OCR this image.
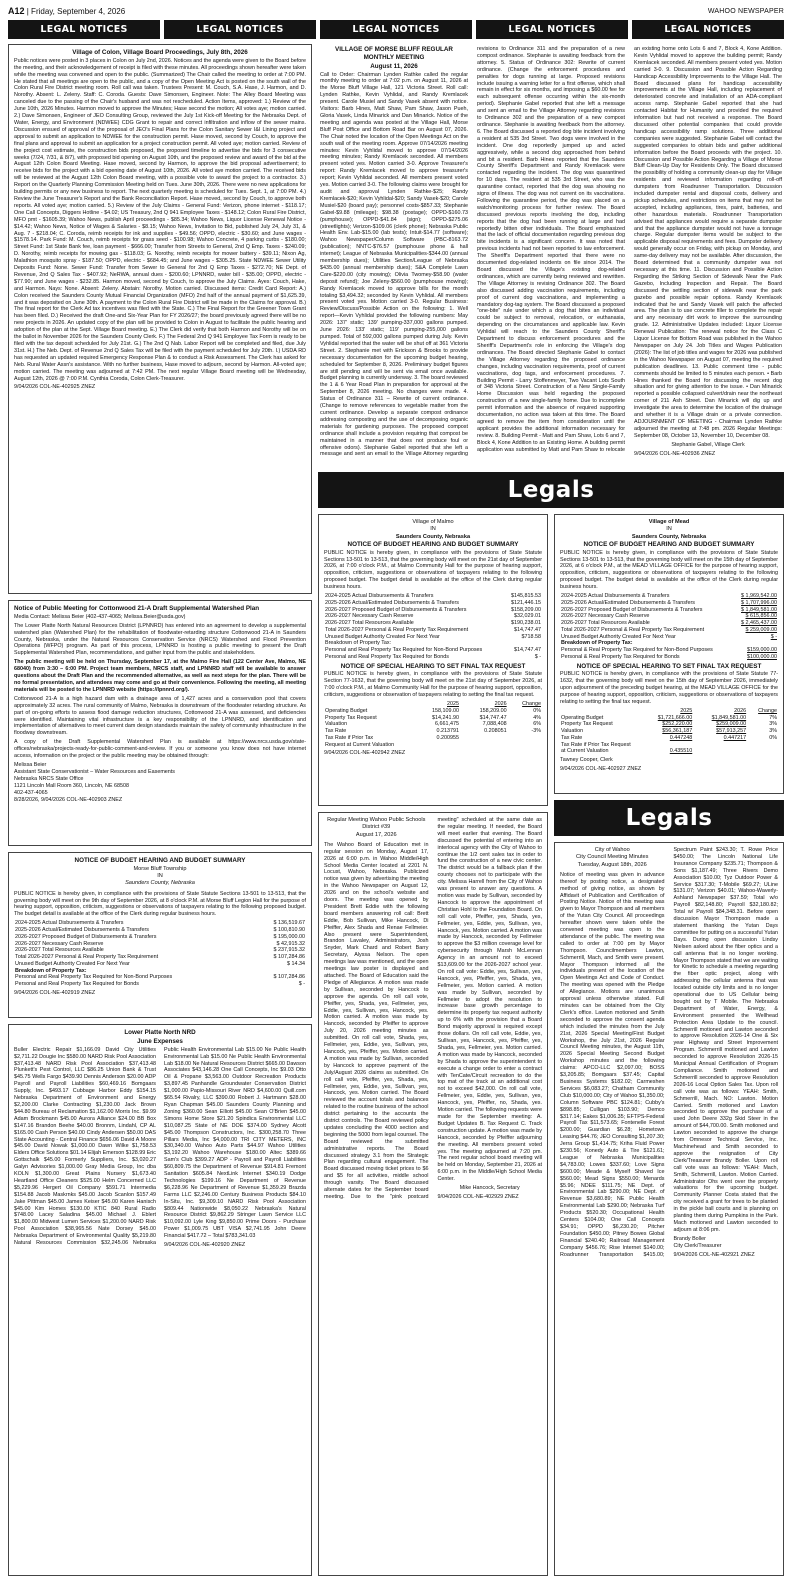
A12 | Friday, September 4, 2026	WAHOO NEWSPAPER
LEGAL NOTICES	LEGAL NOTICES	LEGAL NOTICES	LEGAL NOTICES	LEGAL NOTICES
Village of Colon, Village Board Proceedings, July 8th, 2026

Public notices were posted in 3 places in Colon on July 2nd, 2026. Notices and the agenda were given to the Board before the meeting, and their acknowledgement of receipt is filed with these minutes. All proceedings shown hereafter were taken while the meeting was convened and open to the public. (Summarized) The Chair called the meeting to order at 7:00 PM. He stated that all meetings are open to the public, and a copy of the Open Meeting Act is posted on the south wall of the Colon Rural Fire District meeting room. Roll call was taken. Trustees Present: M. Couch, S.A. Hase, J. Harmon, and D. Norothy. Absent: L. Zeleny. Staff: C. Coroda. Guests: Dave Simonsen, Engineer. Note: The Alley Board Meeting was canceled due to the passing of the Chair's husband and was not rescheduled. Action Items, approved: 1.) Review of the June 10th, 2026 Minutes. Harmon moved to approve the Minutes; Hase second the motion; All votes aye; motion carried. 2.) Dave Simonsen, Engineer of JEO Consulting Group, reviewed the July 1st Kick-off Meeting for the Nebraska Dept. of Water, Energy, and Environment (NDWEE) CDG Grant to repair and correct infiltration and inflow of the sewer mains. Discussion ensued of approval of the proposal of JEO's Final Plans for the Colon Sanitary Sewer I&I Lining project and approval to submit an application to NDWEE for the construction permit. Hase moved, second by Couch, to approve the final plans and approval to submit an application for a project construction permit. All voted aye; motion carried. Review of the project cost estimate, the construction bids proposed, the proposed timeline to advertise the bids for 3 consecutive weeks (7/24, 7/31, & 8/7), with proposed bid opening on August 10th, and the proposed review and award of the bid at the August 12th Colon Board Meeting. Hase moved, second by Harmon, to approve the bid proposal advertisement; to receive bids for the project with a bid opening date of August 10th, 2026. All voted aye motion carried. The received bids will be reviewed at the August 12th Colon Board meeting, with a possible vote to award the project to a contractor. 3.) Report on the Quarterly Planning Commission Meeting held on Tues. June 30th, 2026. There were no new applications for building permits or any new business to report. The next quarterly meeting is scheduled for Tues. Sept. 1, at 7:00 PM. 4.) Review the June Treasurer's Report and the Bank Reconciliation Report. Hase moved, second by Couch, to approve both reports. All voted aye; motion carried. 5.) Review of the July Claims - General Fund: Verizon, phone internet - $118.17; One Call Concepts, Diggers Hotline - $4.02; US Treasury, 2nd Q 941 Employee Taxes - $148.12; Colon Rural Fire District, MFO pmt - $1605.39; Wahoo News, publish April proceedings - $85.34; Wahoo News, Liquor License Renewal Notice - $14.42; Wahoo News, Notice of Wages & Salaries - $8.15; Wahoo News, Invitation to Bid, published July 24, July 31, & Aug. 7 - $218.04; C. Coroda, reimb receipts for ink and supplies - $49.56; OPPD, electric - $30.60; and June wages - $1578.14. Park Fund: M. Couch, reimb receipts for grass seed - $100.98; Wahoo Concrete, 4 parking curbs - $180.00; Street Fund: 1st State Bank fee, loan payment - $666.00; Transfer from Streets to General, 2nd Q Emp. Taxes - $240.09; D. Norothy, reimb receipts for mowing gas - $118.03; G. Norothy, reimb receipts for mower battery - $39.11; Nixon Ag, Malathion mosquito spray - $187.50; OPPD, electric - $684.45; and June wages - $305.25. State NDWEE Sewer Utility Deposits Fund: None. Sewer Fund: Transfer from Sewer to General for 2nd Q Emp Taxes - $272.70; NE Dept. of Revenue, 2nd Q Sales Tax - $407.92; NeRWA, annual dues - $200.60; LPNNRD, water bill - $35.00; OPPD, electric - $77.90; and June wages - $232.85. Harmon moved, second by Couch, to approve the July Claims. Ayes: Couch, Hake, and Harmon. Nays: None. Absent: Zeleny. Abstain: Norothy. Motion carried. Discussed items: Credit Card Report: A.) Colon received the Saunders County Mutual Financial Organization (MFO) 2nd half of the annual payment of $1,625.39, and it was deposited on June 30th. A payment to the Colon Rural Fire District will be made in the Claims for approval. B.) The final report for the Clerk Ad tax incentives was filed with the State. C.) The Final Report for the Greener Town Grant has been filed. D.) Received the draft One-and Six-Year Plan for FY 2026/27; the board previously agreed there will be no new projects in 2026. An updated copy of the plan will be provided to Colon in August to facilitate the public hearing and adoption of the plan at the Sept. Village Board meeting. E.) The Clerk did verify that both Harmon and Norothy will be on the ballot in November 2026 for the Saunders County Clerk. F.) The Federal 2nd Q 941 Employee Tax Form is ready to be filed with the tax deposit scheduled for July 21st. G.) The 2nd Q Nab. Labor Report will be completed and filed, due July 31st. H.) The Neb. Dept. of Revenue 2nd Q Sales Tax will be filed with the payment scheduled for July 20th. I.) USDA RD has requested an updated required Emergency Response Plan & to conduct a Risk Assessment. The Clerk has asked for Neb. Rural Water Assn's assistance. With no further business, Hase moved to adjourn, second by Harmon. All-voted aye; motion carried. The meeting was adjourned at 7:42 PM. The next regular Village Board meeting will be Wednesday, August 12th, 2026 @ 7:00 P.M. Cynthia Coroda, Colon Clerk-Treasurer.

9/04/2026 COL-NE-402925 ZNEZ

VILLAGE OF MORSE BLUFF REGULAR MONTHLY MEETING
August 11, 2026

Call to Order: Chairman Lynden Rathke called the regular monthly meeting to order at 7:02 p.m. on August 11, 2026 at the Morse Bluff Village Hall, 121 Victoria Street. Roll call: Lynden Rathke, Kevin Vyhlidal, and Randy Kremlacek present. Carole Musiel and Sandy Vasek absent with notice. Visitors: Barb Hines, Matt Shaw, Pam Shaw, Jason Pueh, Gloria Vasek, Linda Minarick and Dan Minarick. Notice of the meeting and agenda was posted at the Village Hall, Morse Bluff Post Office and Bottom Road Bar on August 07, 2026. The Chair noted the location of the Open Meetings Act on the south wall of the meeting room. Approve 07/14/2026 meeting minutes: Kevin Vyhlidal moved to approve 07/14/2026 meeting minutes; Randy Kremlacek seconded. All members present voted yes. Motion carried 3-0. Approve Treasurer's report: Randy Kremlacek moved to approve treasurer's report; Kevin Vyhlidal seconded. All members present voted yes. Motion carried 3-0. The following claims were brought for audit and approval Lynden Rathke-$25; Randy Kremlacek-$20; Kevin Vyhlidal-$20; Sandy Vasek-$20; Carole Musiel-$20 (board pay); personnel costs-$857.33; Stephanie Gabel-$9.88 (mileage); $98.38 (postage); OPPD-$160.73 (pumphouse); OPPD-$41.84 (sign); OPPD-$275.06 (streetlights); Verizon-$109.06 (clerk phone); Nebraska Public Health Env. Lab-$15.00 (lab tests); Intuit-$14.77 (software); Wahoo Newspaper/Column Software (PBC-8163.72 (publication); NNTC-$76.57 (pumphouse phone & hall internet); League of Nebraska Municipalities-$344.00 (annual membership dues); Utilities Section/League of Nebraska $435.00 (annual membership dues); S&A Complete Lawn Care-$220.00 (city mowing); Olivia Twomey-$58.90 (water deposit refund); Joe Zeleny-$560.00 (pumphouse mowing); Randy Kremlacek moved to approve bills for the month totaling $3,494.32; seconded by Kevin Vyhlidal. All members present voted yes. Motion carried 3-0. Regular Business: Review/Discuss/Possible Action on the following: 1. Well report—Kevin Vyhlidal provided the following numbers: May 2026: 137' static; 139' pumping-337,000 gallons pumped. June 2026: 133' static; 119' pumping-255,000 gallons pumped. Total of 592,000 gallons pumped during July. Kevin Vyhlidal reported that the water will be shut off at 361 Victoria Street. 2. Stephanie met with Erickson & Brooks to provide necessary documentation for the upcoming budget hearing, scheduled for September 8, 2026. Preliminary budget figures are still pending and will be sent via email once available. Budget planning is currently underway. 3. The board reviewed the 1 & 6 Year Road Plan in preparation for approval at the September 8, 2026 meeting. No changes were made. 4. Status of Ordinance 311 – Rewrite of current ordinance. (Change to remove references to vegetable matter from the current ordinance. Develop a separate compost ordinance addressing composting and the use of decomposing organic materials for gardening purposes. The proposed compost ordinance shall include a provision requiring that compost be maintained in a manner that does not produce foul or offensive odors). Stephanie Gabel reported that she left a message and sent an email to the Village Attorney regarding revisions to Ordinance 311 and the preparation of a new compost ordinance. Stephanie is awaiting feedback from the attorney. 5. Status of Ordinance 302: Rewrite of current ordinance. (Change the enforcement procedures and penalties for dogs running at large. Proposed revisions include issuing a warning letter for a first offense, which shall remain in effect for six months, and imposing a $60.00 fee for each subsequent offense occurring within the six-month period). Stephanie Gabel reported that she left a message and sent an email to the Village Attorney regarding revisions to Ordinance 302 and the preparation of a new compost ordinance. Stephanie is awaiting feedback from the attorney. 6. The Board discussed a reported dog bite incident involving a resident at 535 3rd Street. Two dogs were involved in the incident. One dog reportedly jumped up and acted aggressively, while a second dog approached from behind and bit a resident. Barb Hines reported that the Saunders County Sheriff's Department and Randy Kremlacek were contacted regarding the incident. The dog was quarantined for 10 days. The resident at 535 3rd Street, who was the quarantine contact, reported that the dog was showing no signs of illness. The dog was not current on its vaccinations. Following the quarantine period, the dog was placed on a watch/monitoring process for further review. The Board discussed previous reports involving the dog, including reports that the dog had been running at large and had reportedly bitten other individuals. The Board emphasized that the lack of official documentation regarding previous dog bite incidents is a significant concern. It was noted that previous incidents had not been reported to law enforcement. The Sheriff's Department reported that there were no documented dog-related incidents on file since 2014. The Board discussed the Village's existing dog-related ordinances, which are currently being reviewed and rewritten. The Village Attorney is revising Ordinance 302. The Board also discussed adding vaccination requirements, including proof of current dog vaccinations, and implementing a mandatory dog-tag system. The Board discussed a proposed "one-bite" rule under which a dog that bites an individual could be subject to removal, relocation, or euthanasia, depending on the circumstances and applicable law. Kevin Vyhlidal will reach to the Saunders County Sheriff's Department to discuss enforcement procedures and the Sheriff's Department's role in enforcing the Village's dog ordinances. The Board directed Stephanie Gabel to contact the Village Attorney regarding the proposed ordinance changes, including vaccination requirements, proof of current vaccinations, dog tags, and enforcement procedures. 7. Building Permit - Larry Stoffenmeyer, Two Vacant Lots South of 348 Victoria Street. Construction of a New Single-Family Home Discussion was held regarding the proposed construction of a new single-family home. Due to incomplete permit information and the absence of required supporting documentation, no action was taken at this time. The Board agreed to remove the item from consideration until the applicant provides the additional information necessary for review. 8. Building Permit - Matt and Pam Shaw, Lots 6 and 7, Block 4, Kone Addition to an Existing Home. A building permit application was submitted by Matt and Pam Shaw to relocate an existing home onto Lots 6 and 7, Block 4, Kone Addition. Kevin Vyhlidal moved to approve the building permit; Randy Kremlacek seconded. All members present voted yes. Motion carried 3-0. 9. Discussion and Possible Action Regarding Handicap Accessibility Improvements to the Village Hall. The Board discussed plans for handicap accessibility improvements at the Village Hall, including replacement of deteriorated concrete and installation of an ADA-compliant access ramp. Stephanie Gabel reported that she had contacted Habitat for Humanity and provided the required information but had not received a response. The Board discussed other potential companies that could provide handicap accessibility ramp solutions. Three additional companies were suggested. Stephanie Gabel will contact the suggested companies to obtain bids and gather additional information before the Board proceeds with the project. 10. Discussion and Possible Action Regarding a Village of Morse Bluff Clean-Up Day for Residents Only. The Board discussed the possibility of holding a community clean-up day for Village residents and reviewed information regarding roll-off dumpsters from Roadrunner Transportation. Discussion included dumpster rental and disposal costs, delivery and pickup schedules, and restrictions on items that may not be accepted, including appliances, tires, paint, batteries, and other hazardous materials. Roadrunner Transportation advised that appliances would require a separate dumpster and that the appliance dumpster would not have a tonnage charge. Regular dumpster items would be subject to the applicable disposal requirements and fees. Dumpster delivery would generally occur on Friday, with pickup on Monday, and same-day delivery may not be available. After discussion, the Board determined that a community dumpster was not necessary at this time. 11. Discussion and Possible Action Regarding the Striking Section of Sidewalk Near the Park Gazebo, Including Inspection and Repair. The Board discussed the settling section of sidewalk near the park gazebo and possible repair options. Randy Kremlacek indicated that he and Sandy Vasek will patch the affected area. The plan is to use concrete filler to complete the repair and any necessary dirt work to improve the surrounding grade. 12. Administrative Updates included: Liquor License Renewal Publication: The renewal notice for the Class C Liquor License for Bottom Road was published in the Wahoo Newspaper on July 24. Job Titles and Wages Publication (2026): The list of job titles and wages for 2026 was published in the Wahoo Newspaper on August 07, meeting the required publication deadlines. 13. Public comment time - public comments should be limited to 5 minutes each person. • Barb Hines thanked the Board for discussing the recent dog situation and for giving attention to the issue. • Dan Minarick reported a possible collapsed culvert/drain near the northeast corner of 211 Ash Street. Dan Minarick will dig up and investigate the area to determine the location of the drainage and whether it is a Village drain or a private connection. ADJOURNMENT OF MEETING - Chairman Lynden Rathke adjourned the meeting at 7:48 pm. 2026 Regular Meetings: September 08, October 13, November 10, December 08.

Stephanie Gabel, Village Clerk

9/04/2026 COL-NE-402936 ZNEZ

Legals
Notice of Public Meeting for Cottonwood 21-A Draft Supplemental Watershed Plan

Media Contact: Melissa Beier (402-437-4065; Melissa.Beier@usda.gov)

The Lower Platte North Natural Resources District (LPNNRD) has entered into an agreement to develop a supplemental watershed plan (Watershed Plan) for the rehabilitation of floodwater-retarding structure Cottonwood 21-A in Saunders County, Nebraska, under the Natural Resources Conservation Service (NRCS) Watershed and Flood Prevention Operations (WFPO) program. As part of this process, LPNNRD is hosting a public meeting to present the Draft Supplemental Watershed Plan, recommendations, and gather input from the public and stakeholders.

The public meeting will be held on Thursday, September 17, at the Malmo Fire Hall (122 Center Ave, Malmo, NE 68040) from 3:30 – 6:00 PM. Project team members, NRCS staff, and LPNNRD staff will be available to answer questions about the Draft Plan and the recommended alternative, as well as next steps for the plan. There will be no formal presentation, and attendees may come and go at their convenience. Following the meeting, all meeting materials will be posted to the LPNNRD website (https://lpnnrd.org/).

Cottonwood 21-A is a high hazard dam with a drainage area of 1,427 acres and a conservation pool that covers approximately 32 acres. The rural community of Malmo, Nebraska is downstream of the floodwater retarding structure. As part of on-going efforts to assess flood damage reduction structures, Cottonwood 21-A was assessed, and deficiencies were identified. Maintaining vital infrastructure is a key responsibility of the LPNNRD, and identification and implementation of alternatives to meet current dam design standards maintain the safety of community infrastructure in the floodway downstream.

A copy of the Draft Supplemental Watershed Plan is available at https://www.nrcs.usda.gov/state-offices/nebraska/projects-ready-for-public-comment-and-review. If you or someone you know does not have internet access, information on the project or the public meeting may be obtained through:

Melissa Beier
Assistant State Conservationist – Water Resources and Easements
Nebraska NRCS State Office
1121 Lincoln Mall Room 360, Lincoln, NE 68508
402-437-4065

8/28/2026, 9/04/2026 COL-NE-402903 ZNEZ

NOTICE OF BUDGET HEARING AND BUDGET SUMMARY
Morse Bluff Township
IN
Saunders County, Nebraska

PUBLIC NOTICE is hereby given, in compliance with the provisions of State Statute Sections 13-501 to 13-513, that the governing body will meet on the 9th day of September 2026, at 8 o'clock P.M. at Morse Bluff Legion Hall for the purpose of hearing support, opposition, criticism, suggestions or observations of taxpayers relating to the following proposed budget. The budget detail is available at the office of the Clerk during regular business hours.

2024-2025 Actual Disbursements & Transfers	$ 136,519.67
2025-2026 Actual/Estimated Disbursements & Transfers	$ 100,810.90
2026-2027 Proposed Budget of Disbursements & Transfers	$ 195,000.00
2026-2027 Necessary Cash Reserve	$ 42,915.32
2026-2027 Total Resources Available	$ 237,915.32
Total 2026-2027 Personal & Real Property Tax Requirement	$ 107,284.86
Unused Budget Authority Created For Next Year	$ 14.34
Breakdown of Property Tax:	
Personal and Real Property Tax Required for Non-Bond Purposes	$ 107,284.86
Personal and Real Property Tax Required for Bonds	$ -

9/04/2026 COL-NE-402919 ZNEZ

Lower Platte North NRD
June Expenses

Buller Electric Repair $1,166.09 David City Utilities $2,711.22 Dougie Inc $580.00 NARD Risk Pool Association $37,413.48 NARD Risk Pool Association $37,413.48 Plunkett's Pest Control, LLC $86.25 Union Bank & Trust $45.75 Wells Fargo $439.90 Dennis Anderson $20.00 ADP Payroll and Payroll Liabilities $60,469.16 Bomgaars Supply, Inc. $493.17 Cubbage Harbor Eddy $154.15 Nebraska Department of Environment and Energy $2,200.00 Clarke Contracting $1,230.00 Jack Brown $44.80 Bureau of Reclamation $1,162.00 Morris Inc. $9.99 Adam Brockmann $45.00 Aurora Alliance $24.00 BB Box $147.16 Brandon Beehe $40.00 Bronnm, Lindahl, CP AL $165.00 Cash Person $40.00 Cindy Andersen $50.00 DAS State Accounting - Central Finance $656.06 David A Moore $45.00 David Nowak $1,000.00 Dawn Wilke $1,758.53 Elders Office Solutions $01.14 Elijah Emerson $128.99 Eric Gottschalk $45.00 Formerly Suppliers, Inc. $3,020.27 Galyn Advisories $1,000.00 Gray Media Group, Inc dba KOLN $1,300.00 Great Plains Nursery $1,673.40 Heartland Office Cleaners $525.00 Helm Concerned LLC $5,229.96 Hergert Oil Company $591.71 Intermedia $154.88 Jacob Maskrnks $45.00 Jacob Scanlon $157.49 Jake Pittman $45.00 James Keiser $45.00 Karen Hanisch $45.00 Kim Homes $130.00 KTIC 840 Rural Radio $748.00 Lacey Saladina $45.00 Michael J. Eblert $1,800.00 Midwest Lumen Services $1,200.00 NARD Risk Pool Association $38,965.56 Nate Dorsey $45.00 Nebraska Department of Environmental Quality $5,219.80 Natural Resources Commission $32,245.06 Nebraska Public Health Environmental Lab $15.00 Ne Public Health Environmental Lab $15.00 Ne Public Health Environmental Lab $18.00 Ne Natural Resources District $665.00 Dawson Associates $43,146.28 One Call Concepts, Inc $9.03 Otto Oil & Propane $3,563.00 Outdoor Recreation Products $3,897.45 Panhandle Groundwater Conservation District $1,000.00 Papio-Missouri River NRD $4,600.00 Quill.com $65.54 Rivalry, LLC $390.00 Robert J. Hartmann $28.00 Ryan Chapman $45.00 Saunders County Planning and Zoning $360.00 Sean Elliott $45.00 Sean O'Brien $45.00 Simons Home Store $21.20 Spindica Environmental LLC $10,087.25 State of NE DOE $374.00 Sydney Alcott $45.00 Thompson Constructors, Inc. $300,258.70 Three Pillars Media, Inc $4,000.00 TRI CITY METERS, INC $30,340.00 Wahoo Auto Parts $44.97 Wahoo Utilities $3,192.20 Wahoo Warehouse $180.00 Altec $389.66 Sam's Club $399.27 ADP - Payroll and Payroll Liabilities $60,809.75 the Department of Revenue $914.81 Fremont Sanitation $605.84 NextLink Internet $340.19 Dodge Technologies $199.16 Ne Department of Revenue $6,228.96 Ne Department of Revenue $1,359.29 Brazda Farms LLC $2,246.00 Century Business Products $84.10 In-Situ, Inc. $9,309.10 NARD Risk Pool Association $809.44 Nationwide $8,050.22 Nebraska's Natural Resource District $9,862.29 Stringer Lawn Service LLC $10,092.00 Lyle King $9,850.00 Prime Doors - Purchase Power $1,009.75 UBT VISA $2,741.95 John Deere Financial $417.72 – Total $783,341.03

9/04/2026 COL-NE-402920 ZNEZ

Village of Malmo
IN
Saunders County, Nebraska
NOTICE OF BUDGET HEARING AND BUDGET SUMMARY

PUBLIC NOTICE is hereby given, in compliance with the provisions of State Statute Sections 13-501 to 13-513, that the governing body will meet on the 21st day of September 2026, at 7:00 o'clock P.M., at Malmo Community Hall for the purpose of hearing support, opposition, criticism, suggestions or observations of taxpayers relating to the following proposed budget. The budget detail is available at the office of the Clerk during regular business hours.

2024-2025 Actual Disbursements & Transfers	$145,815.53
2025-2026 Actual/Estimated Disbursements & Transfers	$121,446.15
2026-2027 Proposed Budget of Disbursements & Transfers	$158,209.00
2026-2027 Necessary Cash Reserve	$32,029.01
2026-2027 Total Resources Available	$190,238.01
Total 2026-2027 Personal & Real Property Tax Requirement	$14,747.47
Unused Budget Authority Created For Next Year	$718.58
Breakdown of Property Tax:	
Personal and Real Property Tax Required for Non-Bond Purposes	$14,747.47
Personal and Real Property Tax Required for Bonds	$ -
NOTICE OF SPECIAL HEARING TO SET FINAL TAX REQUEST

PUBLIC NOTICE is hereby given, in compliance with the provisions of State Statute Section 77-1632, that the governing body will meet on the 21st day of September 2026, at 7:00 o'clock P.M., at Malmo Community Hall for the purpose of hearing support, opposition, criticism, suggestions or observation of taxpayers relating to setting the final tax request.

	2025	2026	Change
Operating Budget	158,109.00	158,209.00	0%
Property Tax Request	$14,241.90	$14,747.47	4%
Valuation	6,661,475	7,088,408	6%
Tax Rate	0.213791	0.208051	-3%
Tax Rate if Prior Tax	0.200955		
Request at Current Valuation			

9/04/2026 COL-NE-402942 ZNEZ

Village of Mead
IN
Saunders County, Nebraska
NOTICE OF BUDGET HEARING AND BUDGET SUMMARY

PUBLIC NOTICE is hereby given, in compliance with the provisions of State Statute Sections 13-501 to 13-513, that the governing body will meet on the 15th day of September 2026, at 6 o'clock P.M., at the MEAD VILLAGE OFFICE for the purpose of hearing support, opposition, criticism, suggestions or observations of taxpayers relating to the following proposed budget. The budget detail is available at the office of the Clerk during regular business hours.

2024-2025 Actual Disbursements & Transfers	$ 1,969,542.00
2025-2026 Actual/Estimated Disbursements & Transfers	$ 1,707,996.00
2026-2027 Proposed Budget of Disbursements & Transfers	$ 1,849,581.00
2026-2027 Necessary Cash Reserve	$ 615,856.00
2026-2027 Total Resources Available	$ 2,465,437.00
Total 2026-2027 Personal & Real Property Tax Requirement	$ 259,009.00
Unused Budget Authority Created For Next Year	$ -
Breakdown of Property Tax:	
Personal & Real Property Tax Required for Non-Bond Purposes	$159,000.00
Personal & Real Property Tax Required for Bonds	$100,000.00
NOTICE OF SPECIAL HEARING TO SET FINAL TAX REQUEST

PUBLIC NOTICE is hereby given, in compliance with the provisions of State Statute 77-1632, that the governing body will meet on the 15th day of September 2026, immediately upon adjournment of the preceding budget hearing, at the MEAD VILLAGE OFFICE for the purpose of hearing support, opposition, criticism, suggestions or observations of taxpayers relating to setting the final tax request.

	2025	2026	Change
Operating Budget	$1,721,666.00	$1,849,581.00	7%
Property Tax Request	$252,220.00	$259,009.00	3%
Valuation	$56,361,187	$57,913,257	3%
Tax Rate	0.447248	0.447217	0%
Tax Rate if Prior Tax Request			
at Current Valuation	0.435510		

Tawney Cooper, Clerk

9/04/2026 COL-NE-402927 ZNEZ

Legals
Regular Meeting Wahoo Public Schools District #39
August 17, 2026

The Wahoo Board of Education met in regular session on Monday, August 17, 2026 at 6:00 p.m. in Wahoo Middle/High School Media Center located at 2201 N. Locust, Wahoo, Nebraska. Publicized notice was given by advertising the meeting in the Wahoo Newspaper on August 12, 2026 and on the school's website and doors. The meeting was opened by President Brett Eddie with the following board members answering roll call: Brett Eddie, Bob Sullivan, Mike Hancock, Di Pfeiffer, Alex Shada and Renae Fellmeier. Also present were Superintendent, Brandon Lavaley, Administrators, Josh Snyder, Mark Chard and Robert Barry Secretary, Alyssa Nelson. The open meetings law was mentioned, and the open meetings law poster is displayed and attached. The Board of Education said the Pledge of Allegiance. A motion was made by Sullivan, seconded by Hancock to approve the agenda. On roll call vote, Pfeiffer, yes, Shada, yes, Fellmeier, yes, Eddie, yes, Sullivan, yes, Hancock, yes. Motion carried. A motion was made by Hancock, seconded by Pfeiffer to approve July 20, 2026 meeting minutes as submitted. On roll call vote, Shada, yes, Fellmeier, yes, Eddie, yes, Sullivan, yes, Hancock, yes, Pfeiffer, yes. Motion carried. A motion was made by Sullivan, seconded by Hancock to approve payment of the July/August 2026 claims as submitted. On roll call vote, Pfeiffer, yes, Shada, yes, Fellmeier, yes, Eddie, yes, Sullivan, yes, Hancock, yes. Motion carried. The Board reviewed the account totals and balances related to the routine business of the school district pertaining to the accounts the district controls. The Board reviewed policy updates concluding the 4000 section and beginning the 5000 from legal counsel. The Board reviewed the submitted administrative reports. The Board discussed strategy 3.1 from the Strategic Plan regarding cultural engagement. The Board discussed moving ticket prices to $6 and $5 for all activities, middle school through varsity. The Board discussed alternate dates for the September board meeting. Due to the "pink postcard meeting" scheduled at the same date as the regular meeting. If needed, the Board will meet earlier that evening. The Board discussed the potential of entering into an interlocal agency with the City of Wahoo to continue the 1/2 cent sales tax in order to fund the construction of a new civic center. The district would be a fallback plan if the county chooses not to participate with the city. Melissa Harrell from the City of Wahoo was present to answer any questions. A motion was made by Sullivan, seconded by Hancock to approve the appointment of Christian Hohl to the Foundation Board. On roll call vote, Pfeiffer, yes, Shada, yes, Fellmeier, yes, Eddie, yes, Sullivan, yes, Hancock, yes. Motion carried. A motion was made by Hancock, seconded by Fellmeier to approve the $3 million coverage level for cybersecurity through Marsh McLennan Agency in an amount not to exceed $13,609.00 for the 2026-2027 school year. On roll call vote: Eddie, yes, Sullivan, yes, Hancock, yes, Pfeiffer, yes, Shada, yes, Fellmeier, yes. Motion carried. A motion was made by Sullivan, seconded by Fellmeier to adopt the resolution to increase base growth percentage to determine its property tax request authority up to 6% with the provision that a Board Bond majority approval is required except those dollars. On roll call vote, Eddie, yes, Sullivan, yes, Hancock, yes, Pfeiffer, yes, Shada, yes, Fellmeier, yes. Motion carried. A motion was made by Hancock, seconded by Shada to approve the superintendent to execute a change order to enter a contract with TenCate/Circuit recreation to do the top mat of the track at an additional cost not to exceed $42,000. On roll call vote, Fellmeier, yes, Eddie, yes, Sullivan, yes, Hancock, yes, Pfeiffer, no, Shada, yes. Motion carried. The following requests were made for the September meeting: A. Budget Updates B. Tax Request C. Track construction update. A motion was made by Hancock, seconded by Pfeiffer adjourning the meeting. All members present voted yes. The meeting adjourned at 7:20 pm. The next regular school board meeting will be held on Monday, September 21, 2026 at 6:00 p.m. in the Middle/High School Media Center.

Mike Hancock, Secretary

9/04/2026 COL-NE-402929 ZNEZ

City of Wahoo
City Council Meeting Minutes
Tuesday, August 18th, 2026

Notice of meeting was given in advance thereof by posting notice, a designated method of giving notice, as shown by Affidavit of Publication and Certification of Posting Notice. Notice of this meeting was given to Mayor Thompson and all members of the Yutan City Council. All proceedings hereafter shown were taken while the convened meeting was open to the attendance of the public. The meeting was called to order at 7:00 pm by Mayor Thompson. Councilmembers Lawton, Schmerrill, Mach, and Smith were present. Mayor Thompson informed all the individuals present of the location of the Open Meetings Act and Code of Conduct. The meeting was opened with the Pledge of Allegiance. Motions are unanimous approval unless otherwise stated. Full minutes can be obtained from the City Clerk's office. Lawton motioned and Smith seconded to approve the consent agenda which included the minutes from the July 21st, 2026 Special Meeting/First Budget Workshop, the July 21st, 2026 Regular Council Meeting minutes, the August 11th, 2026 Special Meeting Second Budget Workshop minutes and the following claims: APCO-LLC $2,097.00; BOSS $3,205.85; Bomgaars $37.45; Capital Business Systems $182.02; Carmeshen Services $6,083.27; Chatham Community Club $10,000.00; City of Wahoo $1,350.00; Column Software PBC $124.81; Cubby's $898.85; Culligan $103.90; Demco $317.14; Eakes $1,006.35; EFTPS-Federal Payroll Tax $11,573.65; Fontenelle Forest $200.00; Guardian $6.28; Hometown Leasing $44.76; JEO Consulting $1,207.30; Jerra Group $1,414.75; Kriha Fluid Power $230.56; Konedy Auto & Tire $121.61; League of Nebraska Municipalities $4,783.00; Lowes $337.60; Love Signs $600.00; Meade & Myself Shaved Ice $560.00; Mead Signs $550.00; Menards $5.96; NDEE $111.75; NE Dept. of Environmental Lab $290.00; NE Dept. of Revenue $3,680.89; NE Public Health Environmental Lab $290.00; Nebraska Turf Products $520.30; Occupational Health Centers $104.00; One Call Concepts $34.91; OPPD $6,230.20; Pitcher Foundation $450.00; Pitney Bowes Global Financial $240.40; Railroad Management Company $456.76; Rise Internet $140.00; Roadrunner Transportation $415.00; Spectrum Paint $243.30; T. Rowe Price $450.00; The Lincoln National Life Insurance Company $235.71; Thompson & Sons $1,187.49; Three Rivers Demo Association $10.00; Tyz Outdoor Power & Service $317.30; T-Mobile $69.27; ULine $131.07; Verizon $40.01; Wahoo-Waverly-Ashland Newspaper $37.59; Total w/o Payroll $82,148.80; Payroll $32,180.82; Total w/ Payroll $84,348.31. Before open discussion Mayor Thompson made a statement thanking the Yutan Days committee for putting on a successful Yutan Days. During open discussion Lindsy Nielsen asked about the fiber optics and a call antenna that is no longer working. Mayor Thompson stated that we are waiting for Kinetic to schedule a meeting regarding the fiber optic project, along with addressing the cellular antenna that was located outside city limits and is no longer operational due to US Cellular being bought out by T Mobile. The Nebraska Department of Water, Energy, & Environment presented the Wellhead Protection Area Update to the council. Schmerrill motioned and Lawton seconded to approve Resolution 2026-14 One & Six year Highway and Street Improvement Program. Schmerrill motioned and Lawton seconded to approve Resolution 2026-15 Municipal Annual Certification of Program Compliance. Smith motioned and Schmerrill seconded to approve Resolution 2026-16 Local Option Sales Tax. Upon roll call vote was as follows: YEAH: Smith, Schmerrill, Mach. NO: Lawton. Motion Carried. Smith motioned and Lawton seconded to approve the purchase of a used John Deere 332g Skid Steer in the amount of $44,700.00. Smith motioned and Lawton seconded to approve the change from Omnesor Technical Service, Inc. Machinehead and Smith seconded to approve the resignation of City Clerk/Treasurer Brandy Boller. Upon roll call vote was as follows: YEAH: Mach, Smith, Schmerrill, Lawton. Motion Carried. Administrator Ohs went over the property valuations for the upcoming budget. Community Planner Costa stated that the city received a grant for trees to be planted in the pickle ball courts and is planning on planting them during Pumpkins in the Park. Mach motioned and Lawton seconded to adjourn at 8:06 pm.

Brandy Boller

City Clerk/Treasurer

9/04/2026 COL-NE-402921 ZNEZ
